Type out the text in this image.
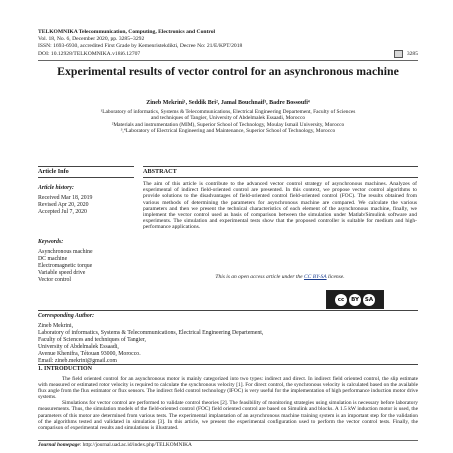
TELKOMNIKA Telecommunication, Computing, Electronics and Control
Vol. 18, No. 6, December 2020, pp. 3285~3292
ISSN: 1693-6930, accredited First Grade by Kemenristekdikti, Decree No: 21/E/KPT/2018
DOI: 10.12928/TELKOMNIKA.v18i6.12707	3285
Experimental results of vector control for an asynchronous machine
Zineb Mekrini¹, Seddik Bri², Jamal Bouchnaif³, Badre Bossoufi⁴
¹Laboratory of informatics, Systems & Telecommunications, Electrical Engineering Departement, Faculty of Sciences
and techniques of Tangier, University of Abdelmalek Essaadi, Morocco
²Materials and instrumentation (MIM), Superior School of Technology, Moulay Ismail University, Morocco
³,⁴Laboratory of Electrical Engineering and Maintenance, Superior School of Technology, Morocco
Article Info	ABSTRACT
Article history:
Received Mar 18, 2019
Revised Apr 20, 2020
Accepted Jul 7, 2020
Keywords:
Asynchronous machine
DC machine
Electromagnetic torque
Variable speed drive
Vector control
The aim of this article is contribute to the advanced vector control strategy of asynchronous machines. Analyzes of experimental of indirect field-oriented control are presented. In this context, we propose vector control algorithms to provide solutions to the disadvantages of field-oriented control field-oriented control (FOC). The results obtained from various methods of determining the parameters for asynchronous machine are compared. We calculate the various parameters and then we present the technical characteristics of each element of the asynchronous machine, finally, we implement the vector control used as basis of comparison between the simulation under Matlab/Simulink software and experiments. The simulation and experimental tests show that the proposed controller is suitable for medium and high-performance applications.
This is an open access article under the CC BY-SA license.
cc	BY	SA
Corresponding Author:
Zineb Mekrini,
Laboratory of informatics, Systems & Telecommunications, Electrical Engineering Departement,
Faculty of Sciences and techniques of Tangier,
University of Abdelmalek Essaadi,
Avenue Khenifra, Tétouan 93000, Morocco.
Email: zineb.mekrini@gmail.com
1. INTRODUCTION

The field oriented control for an asynchronous motor is mainly categorized into two types: indirect and direct. In indirect field oriented control, the slip estimate with measured or estimated rotor velocity is required to calculate the synchronous velocity [1]. For direct control, the synchronous velocity is calculated based on the available flux angle from the flux estimator or flux sensors. The indirect field control technology (IFOC) is very useful for the implementation of high performance induction motor drive systems.

Simulations for vector control are performed to validate control theories [2]. The feasibility of monitoring strategies using simulation is necessary before laboratory measurements. Thus, the simulation models of the field-oriented control (FOC) field oriented control are based on Simulink and blocks. A 1.5 kW induction motor is used, the parameters of this motor are determined from various tests. The experimental implantation of an asynchronous machine training system is an important step for the validation of the algorithms tested and validated in simulation [3]. In this article, we present the experimental configuration used to perform the vector control tests. Finally, the comparison of experimental results and simulations is illustrated.

Journal homepage: http://journal.uad.ac.id/index.php/TELKOMNIKA
